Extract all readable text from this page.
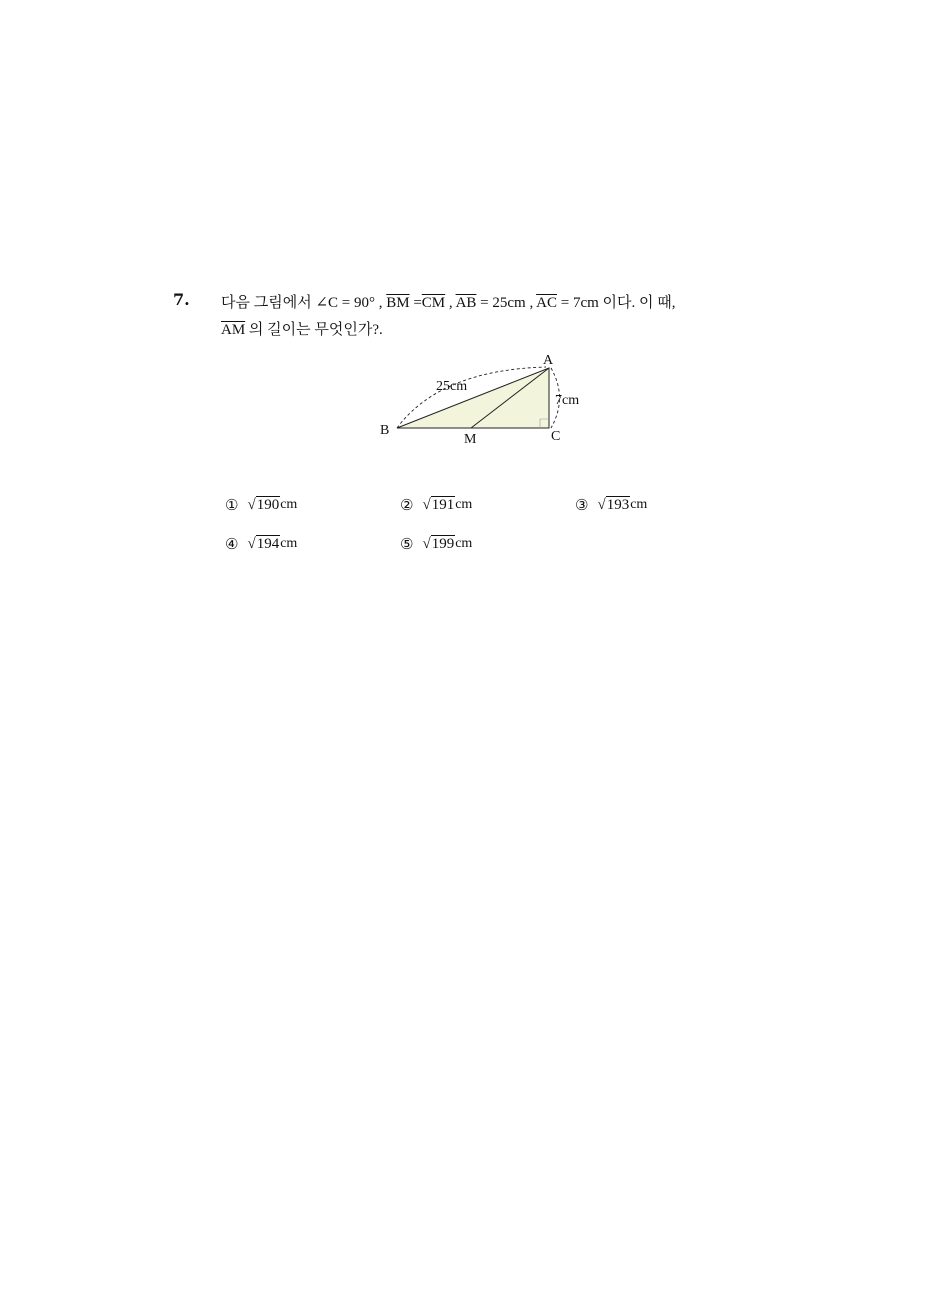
7. 다음 그림에서 ∠C = 90° , $\overline{BM} =\overline{CM}$ , $\overline{AB} = 25cm$ , $\overline{AC} = 7cm$ 이다. 이 때,
$\overline{AM}$ 의 길이는 무엇인가?.
A
B	C
M
25cm
7cm
① √ 190 cm	② √ 191 cm	③ √ 193 cm
④ √ 194 cm	⑤ √ 199 cm
